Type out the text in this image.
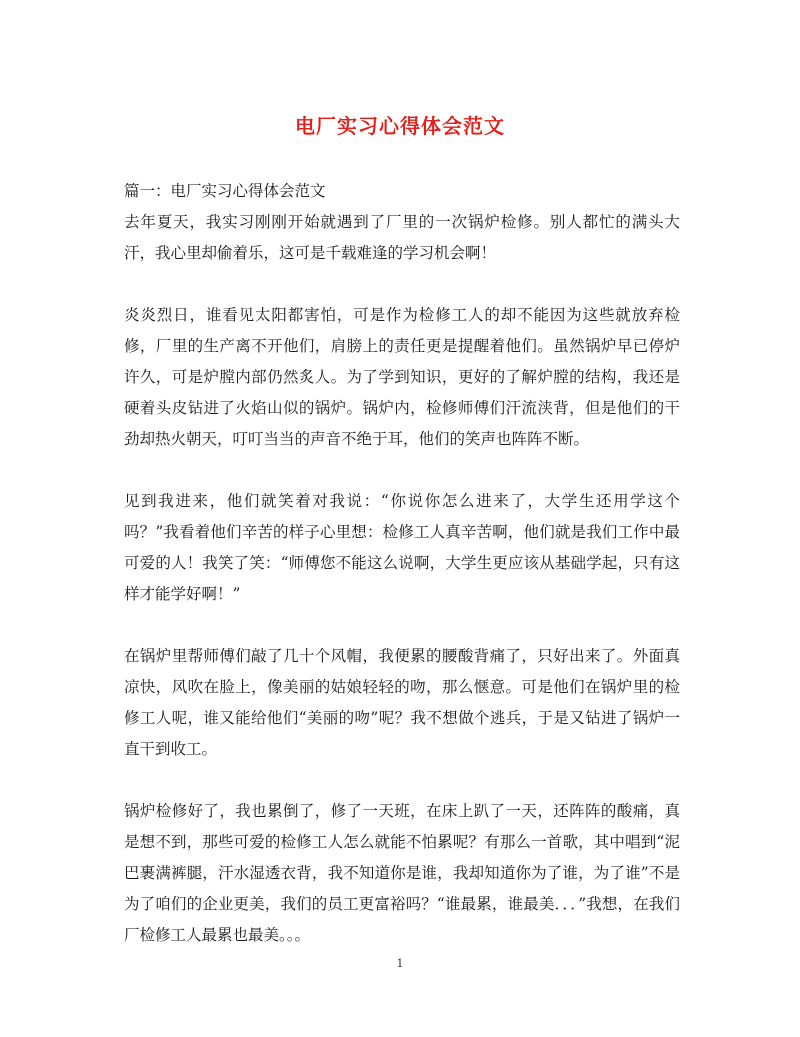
电厂实习心得体会范文

篇一：电厂实习心得体会范文

去年夏天，我实习刚刚开始就遇到了厂里的一次锅炉检修。别人都忙的满头大汗，我心里却偷着乐，这可是千载难逢的学习机会啊！

炎炎烈日，谁看见太阳都害怕，可是作为检修工人的却不能因为这些就放弃检修，厂里的生产离不开他们，肩膀上的责任更是提醒着他们。虽然锅炉早已停炉许久，可是炉膛内部仍然炙人。为了学到知识，更好的了解炉膛的结构，我还是硬着头皮钻进了火焰山似的锅炉。锅炉内，检修师傅们汗流浃背，但是他们的干劲却热火朝天，叮叮当当的声音不绝于耳，他们的笑声也阵阵不断。

见到我进来，他们就笑着对我说：“你说你怎么进来了，大学生还用学这个吗？”我看着他们辛苦的样子心里想：检修工人真辛苦啊，他们就是我们工作中最可爱的人！我笑了笑：“师傅您不能这么说啊，大学生更应该从基础学起，只有这样才能学好啊！”

在锅炉里帮师傅们敲了几十个风帽，我便累的腰酸背痛了，只好出来了。外面真凉快，风吹在脸上，像美丽的姑娘轻轻的吻，那么惬意。可是他们在锅炉里的检修工人呢，谁又能给他们“美丽的吻”呢？我不想做个逃兵，于是又钻进了锅炉一直干到收工。

锅炉检修好了，我也累倒了，修了一天班，在床上趴了一天，还阵阵的酸痛，真是想不到，那些可爱的检修工人怎么就能不怕累呢？有那么一首歌，其中唱到“泥巴裹满裤腿，汗水湿透衣背，我不知道你是谁，我却知道你为了谁，为了谁”不是为了咱们的企业更美，我们的员工更富裕吗？“谁最累，谁最美．．．”我想，在我们厂检修工人最累也最美。。。

1
